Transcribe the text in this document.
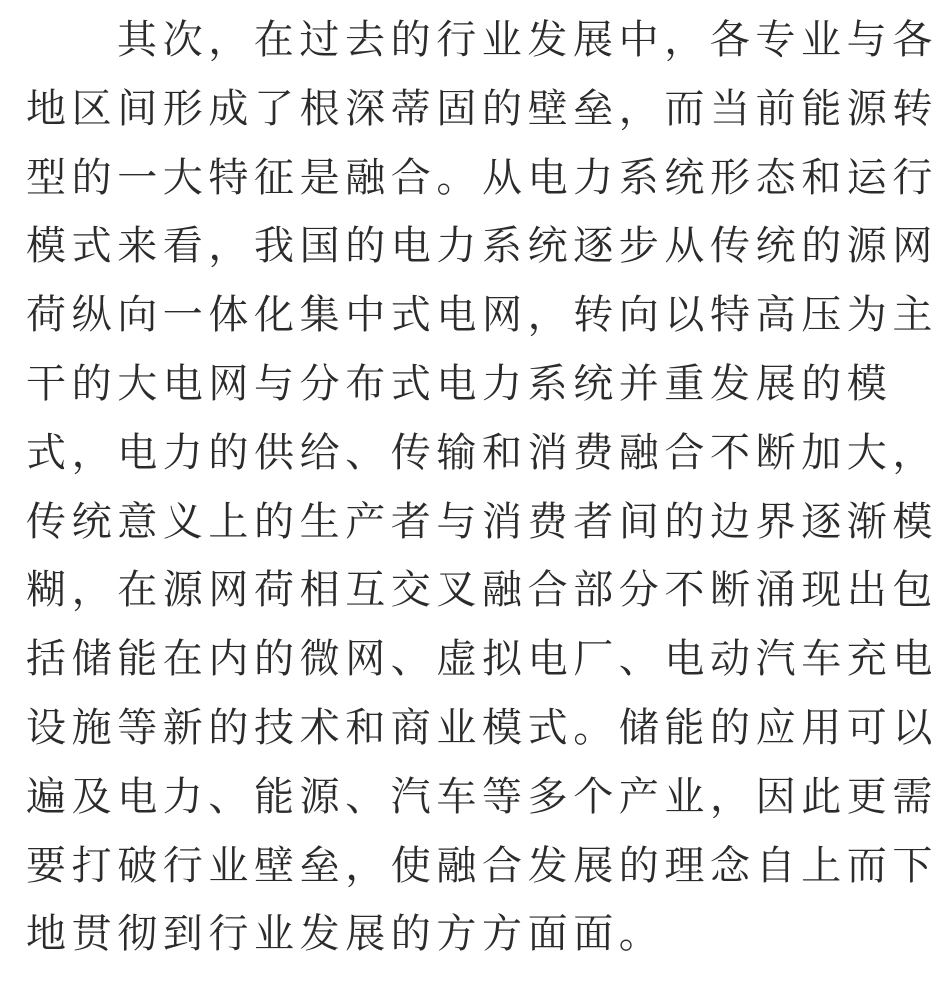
其次，在过去的行业发展中，各专业与各
地区间形成了根深蒂固的壁垒，而当前能源转
型的一大特征是融合。从电力系统形态和运行
模式来看，我国的电力系统逐步从传统的源网
荷纵向一体化集中式电网，转向以特高压为主
干的大电网与分布式电力系统并重发展的模
式，电力的供给、传输和消费融合不断加大，
传统意义上的生产者与消费者间的边界逐渐模
糊，在源网荷相互交叉融合部分不断涌现出包
括储能在内的微网、虚拟电厂、电动汽车充电
设施等新的技术和商业模式。储能的应用可以
遍及电力、能源、汽车等多个产业，因此更需
要打破行业壁垒，使融合发展的理念自上而下
地贯彻到行业发展的方方面面。
